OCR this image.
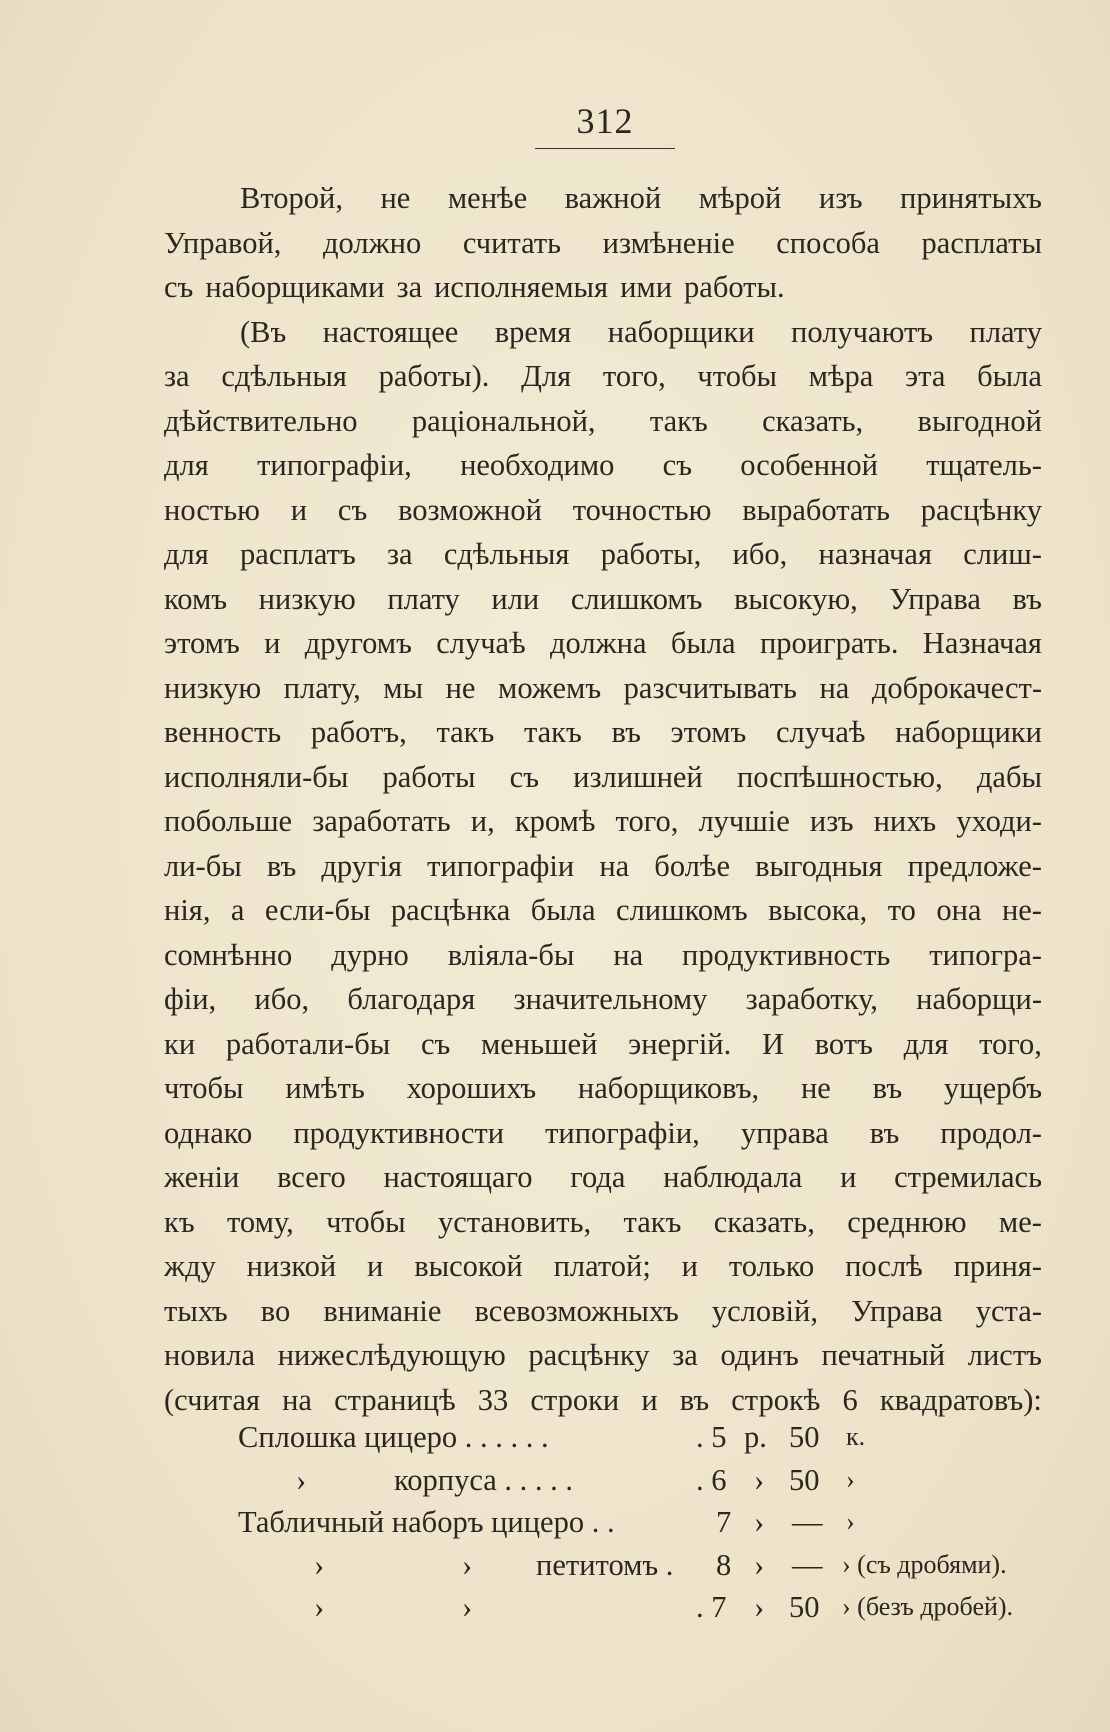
312
Второй, не менѣе важной мѣрой изъ принятыхъ
Управой, должно считать измѣненіе способа расплаты
съ наборщиками за исполняемыя ими работы.
(Въ настоящее время наборщики получаютъ плату
за сдѣльныя работы). Для того, чтобы мѣра эта была
дѣйствительно раціональной, такъ сказать, выгодной
для типографіи, необходимо съ особенной тщатель-
ностью и съ возможной точностью выработать расцѣнку
для расплатъ за сдѣльныя работы, ибо, назначая слиш-
комъ низкую плату или слишкомъ высокую, Управа въ
этомъ и другомъ случаѣ должна была проиграть. Назначая
низкую плату, мы не можемъ разсчитывать на доброкачест-
венность работъ, такъ такъ въ этомъ случаѣ наборщики
исполняли-бы работы съ излишней поспѣшностью, дабы
побольше заработать и, кромѣ того, лучшіе изъ нихъ уходи-
ли-бы въ другія типографіи на болѣе выгодныя предложе-
нія, а если-бы расцѣнка была слишкомъ высока, то она не-
сомнѣнно дурно вліяла-бы на продуктивность типогра-
фіи, ибо, благодаря значительному заработку, наборщи-
ки работали-бы съ меньшей энергій. И вотъ для того,
чтобы имѣть хорошихъ наборщиковъ, не въ ущербъ
однако продуктивности типографіи, управа въ продол-
женіи всего настоящаго года наблюдала и стремилась
къ тому, чтобы установить, такъ сказать, среднюю ме-
жду низкой и высокой платой; и только послѣ приня-
тыхъ во вниманіе всевозможныхъ условій, Управа уста-
новила нижеслѣдующую расцѣнку за одинъ печатный листъ
(считая на страницѣ 33 строки и въ строкѣ 6 квадратовъ):
Сплошка цицеро . . . . . .	. 5 р. 50 к.
›	корпуса . . . . .	. 6 › 50 ›
Табличный наборъ цицеро . .	7 › — ›
›	› петитомъ . 8 › — › (съ дробями).
›	›	. 7 › 50 › (безъ дробей).
